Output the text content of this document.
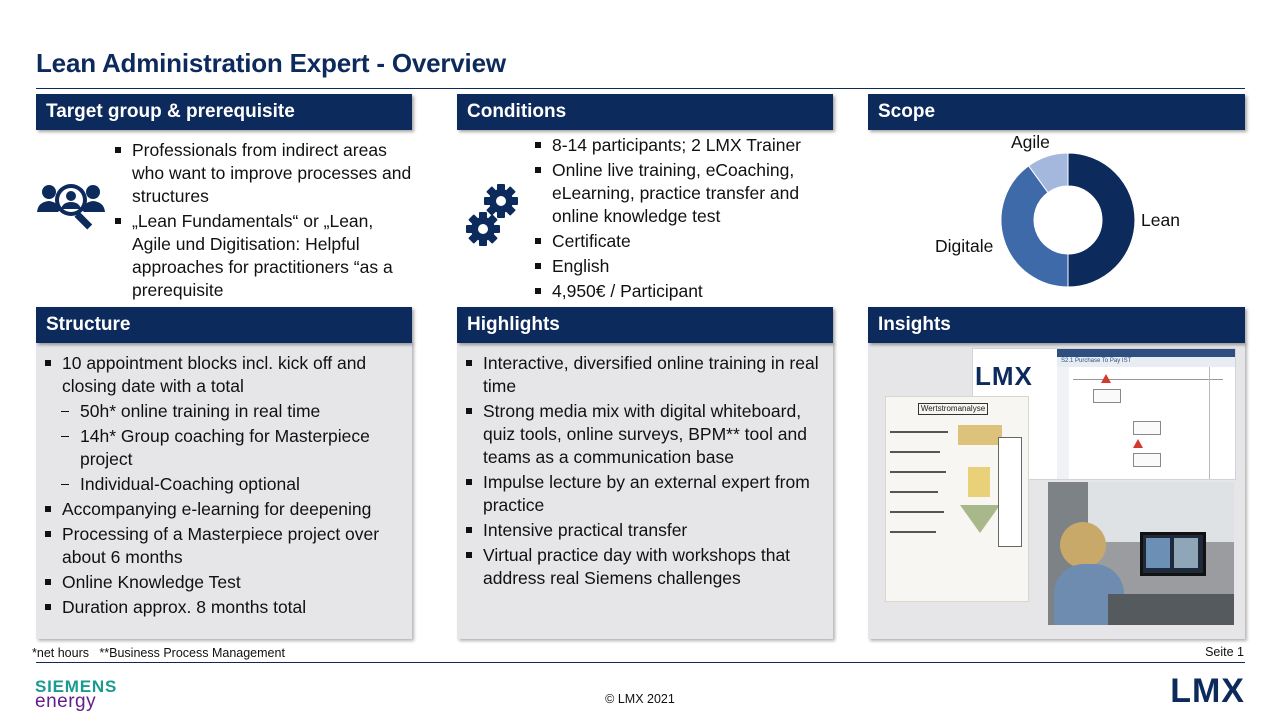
Lean Administration Expert - Overview
Target group & prerequisite
Professionals from indirect areas who want to improve processes and structures
„Lean Fundamentals“ or „Lean, Agile und Digitisation: Helpful approaches for practitioners “as a prerequisite
Conditions
8-14 participants; 2 LMX Trainer
Online live training, eCoaching, eLearning, practice transfer and online knowledge test
Certificate
English
4,950€ / Participant
Scope
Agile
Lean
Digitale
Structure
10 appointment blocks incl. kick off and closing date with a total
50h* online training in real time
14h* Group coaching for Masterpiece project
Individual-Coaching optional
Accompanying e-learning for deepening
Processing of a Masterpiece project over about 6 months
Online Knowledge Test
Duration approx. 8 months total
Highlights
Interactive, diversified online training in real time
Strong media mix with digital whiteboard, quiz tools, online surveys, BPM** tool and teams as a communication base
Impulse lecture by an external expert from practice
Intensive practical transfer
Virtual practice day with workshops that address real Siemens challenges
Insights
LMX	S2.1 Purchase To Pay IST
Wertstromanalyse
*net hours   **Business Process Management	Seite 1
© LMX 2021
SIEMENS
energy	LMX
